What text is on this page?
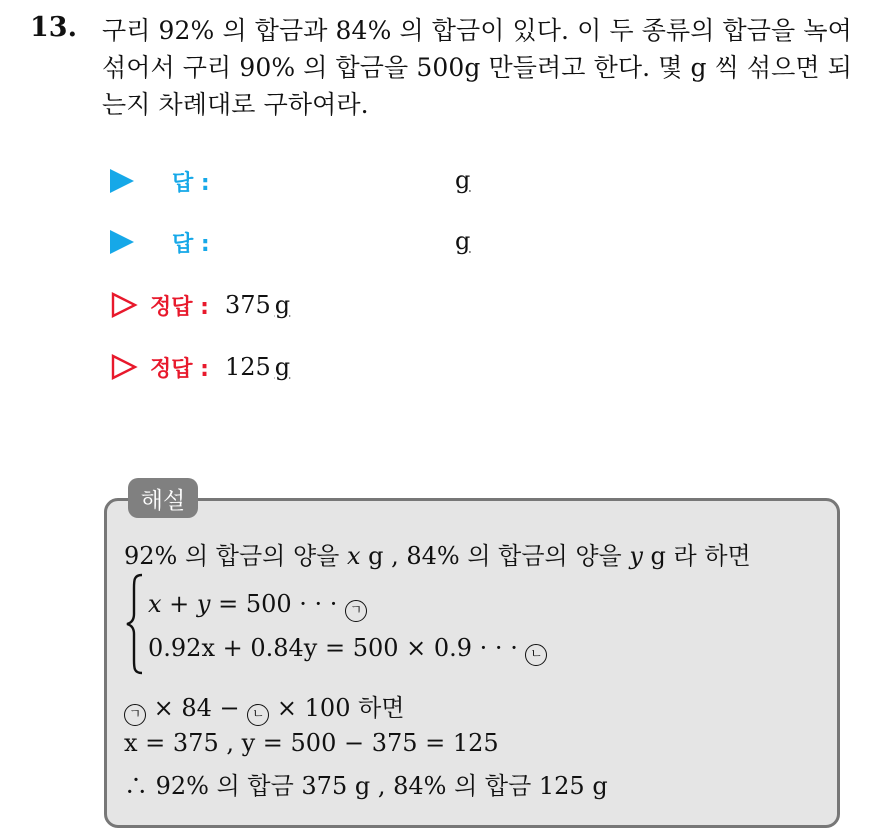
13. 구리 92% 의 합금과 84% 의 합금이 있다. 이 두 종류의 합금을 녹여 섞어서 구리 90% 의 합금을 500g 만들려고 한다. 몇 g 씩 섞으면 되는지 차례대로 구하여라.
답 :	g
답 :	g
정답 : 375 g
정답 : 125 g
해설
92% 의 합금의 양을 x g , 84% 의 합금의 양을 y g 라 하면
x + y = 500 · · · ㄱ
0.92x + 0.84y = 500 × 0.9 · · · ㄴ
ㄱ × 84 − ㄴ × 100 하면
x = 375 , y = 500 − 375 = 125
∴ 92% 의 합금 375 g , 84% 의 합금 125 g
